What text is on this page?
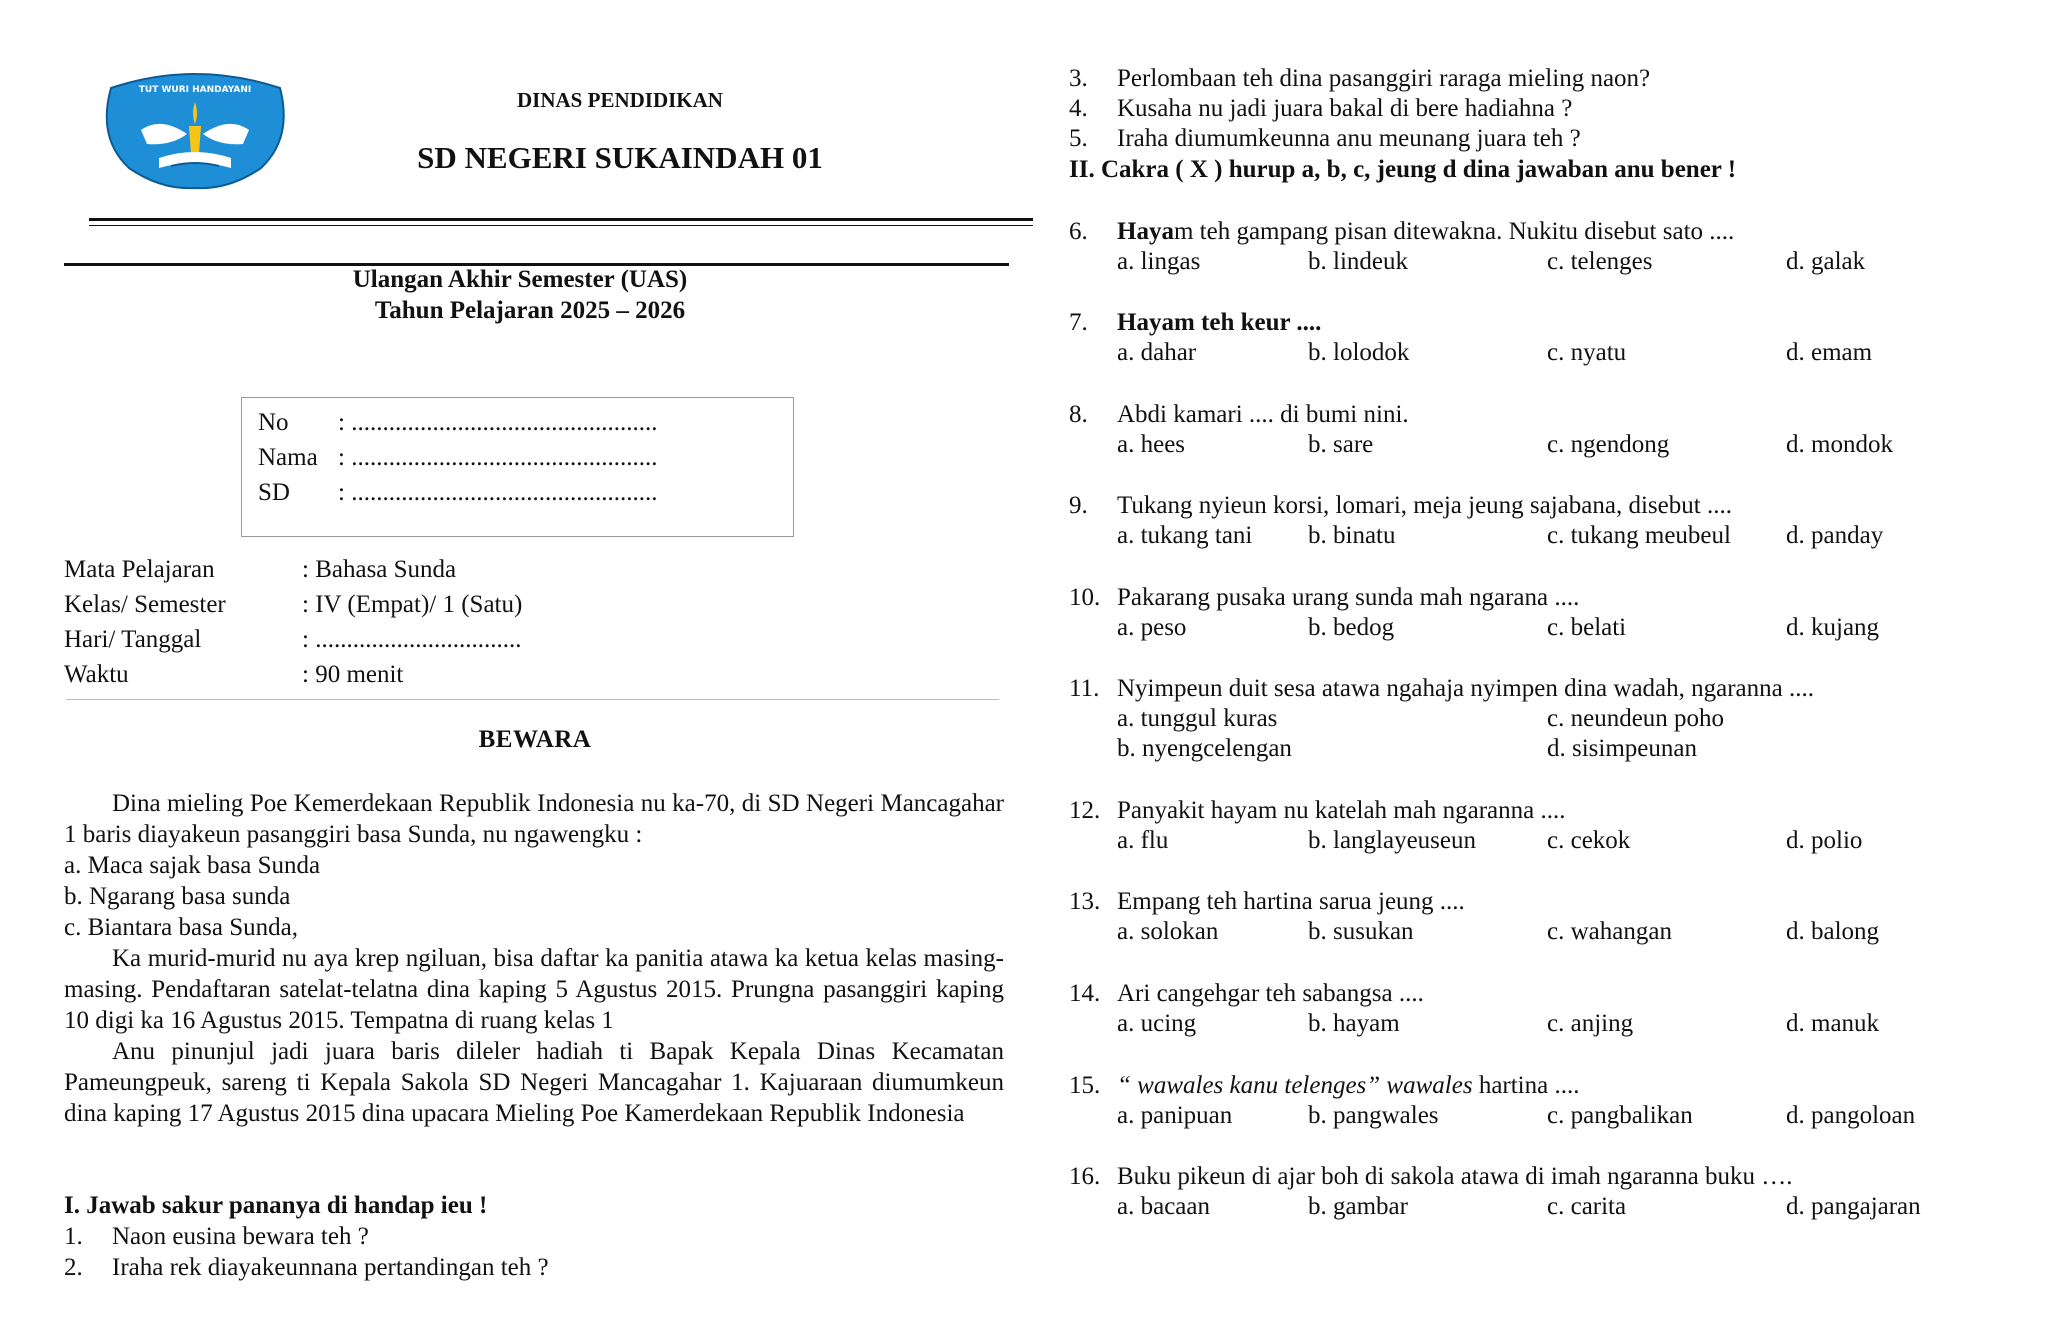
TUT WURI HANDAYANI	DINAS PENDIDIKAN
SD NEGERI SUKAINDAH 01
Ulangan Akhir Semester (UAS)
Tahun Pelajaran 2025 – 2026
No : .................................................
Nama : .................................................
SD : .................................................
Mata Pelajaran	: Bahasa Sunda
Kelas/ Semester	: IV (Empat)/ 1 (Satu)
Hari/ Tanggal	: .................................
Waktu	: 90 menit
BEWARA

Dina mieling Poe Kemerdekaan Republik Indonesia nu ka-70, di SD Negeri Mancagahar 1 baris diayakeun pasanggiri basa Sunda, nu ngawengku :

a. Maca sajak basa Sunda

b. Ngarang basa sunda

c. Biantara basa Sunda,

Ka murid-murid nu aya krep ngiluan, bisa daftar ka panitia atawa ka ketua kelas masing-masing. Pendaftaran satelat-telatna dina kaping 5 Agustus 2015. Prungna pasanggiri kaping 10 digi ka 16 Agustus 2015. Tempatna di ruang kelas 1

Anu pinunjul jadi juara baris dileler hadiah ti Bapak Kepala Dinas Kecamatan Pameungpeuk, sareng ti Kepala Sakola SD Negeri Mancagahar 1. Kajuaraan diumumkeun dina kaping 17 Agustus 2015 dina upacara Mieling Poe Kamerdekaan Republik Indonesia

I. Jawab sakur pananya di handap ieu !
1. Naon eusina bewara teh ?
2. Iraha rek diayakeunnana pertandingan teh ?
3. Perlombaan teh dina pasanggiri raraga mieling naon?
4. Kusaha nu jadi juara bakal di bere hadiahna ?
5. Iraha diumumkeunna anu meunang juara teh ?
II. Cakra ( X ) hurup a, b, c, jeung d dina jawaban anu bener !
6. Hayam teh gampang pisan ditewakna. Nukitu disebut sato ....
a. lingas	b. lindeuk	c. telenges	d. galak
7. Hayam teh keur ....
a. dahar	b. lolodok	c. nyatu	d. emam
8. Abdi kamari .... di bumi nini.
a. hees	b. sare	c. ngendong	d. mondok
9. Tukang nyieun korsi, lomari, meja jeung sajabana, disebut ....
a. tukang tani b. binatu	c. tukang meubeul d. panday
10. Pakarang pusaka urang sunda mah ngarana ....
a. peso	b. bedog	c. belati	d. kujang
11. Nyimpeun duit sesa atawa ngahaja nyimpen dina wadah, ngaranna ....
a. tunggul kuras	c. neundeun poho
b. nyengcelengan	d. sisimpeunan
12. Panyakit hayam nu katelah mah ngaranna ....
a. flu	b. langlayeuseun	c. cekok	d. polio
13. Empang teh hartina sarua jeung ....
a. solokan	b. susukan	c. wahangan	d. balong
14. Ari cangehgar teh sabangsa ....
a. ucing	b. hayam	c. anjing	d. manuk
15. “ wawales kanu telenges” wawales hartina ....
a. panipuan	b. pangwales	c. pangbalikan	d. pangoloan
16. Buku pikeun di ajar boh di sakola atawa di imah ngaranna buku ….
a. bacaan	b. gambar	c. carita	d. pangajaran
